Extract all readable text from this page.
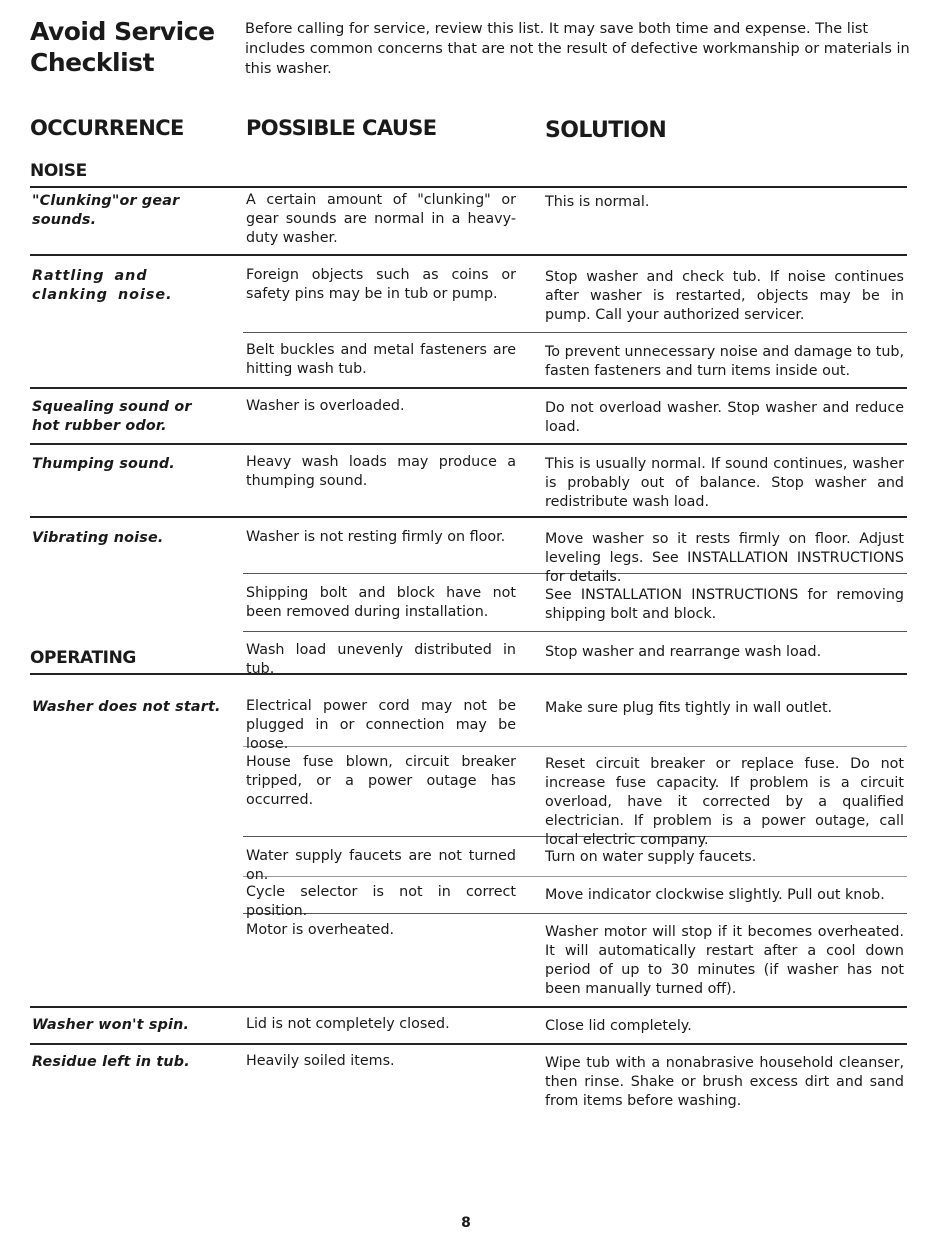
Avoid Service Checklist
Before calling for service, review this list. It may save both time and expense. The list includes common concerns that are not the result of defective workmanship or materials in this washer.
OCCURRENCE	POSSIBLE CAUSE	SOLUTION
NOISE
OPERATING
"Clunking"or gear sounds.
Rattling and clanking noise.
Squealing sound or hot rubber odor.
Thumping sound.
Vibrating noise.
Washer does not start.
Washer won't spin.
Residue left in tub.
A certain amount of "clunking" or gear sounds are normal in a heavy-duty washer.
Foreign objects such as coins or safety pins may be in tub or pump.
Belt buckles and metal fasteners are hitting wash tub.
Washer is overloaded.
Heavy wash loads may produce a thumping sound.
Washer is not resting firmly on floor.
Shipping bolt and block have not been removed during installation.
Wash load unevenly distributed in tub.
Electrical power cord may not be plugged in or connection may be loose.
House fuse blown, circuit breaker tripped, or a power outage has occurred.
Water supply faucets are not turned on.
Cycle selector is not in correct position.
Motor is overheated.
Lid is not completely closed.
Heavily soiled items.
This is normal.
Stop washer and check tub. If noise continues after washer is restarted, objects may be in pump. Call your authorized servicer.
To prevent unnecessary noise and damage to tub, fasten fasteners and turn items inside out.
Do not overload washer. Stop washer and reduce load.
This is usually normal. If sound continues, washer is probably out of balance. Stop washer and redistribute wash load.
Move washer so it rests firmly on floor. Adjust leveling legs. See INSTALLATION INSTRUCTIONS for details.
See INSTALLATION INSTRUCTIONS for removing shipping bolt and block.
Stop washer and rearrange wash load.
Make sure plug fits tightly in wall outlet.
Reset circuit breaker or replace fuse. Do not increase fuse capacity. If problem is a circuit overload, have it corrected by a qualified electrician. If problem is a power outage, call local electric company.
Turn on water supply faucets.
Move indicator clockwise slightly. Pull out knob.
Washer motor will stop if it becomes overheated. It will automatically restart after a cool down period of up to 30 minutes (if washer has not been manually turned off).
Close lid completely.
Wipe tub with a nonabrasive household cleanser, then rinse. Shake or brush excess dirt and sand from items before washing.
8
